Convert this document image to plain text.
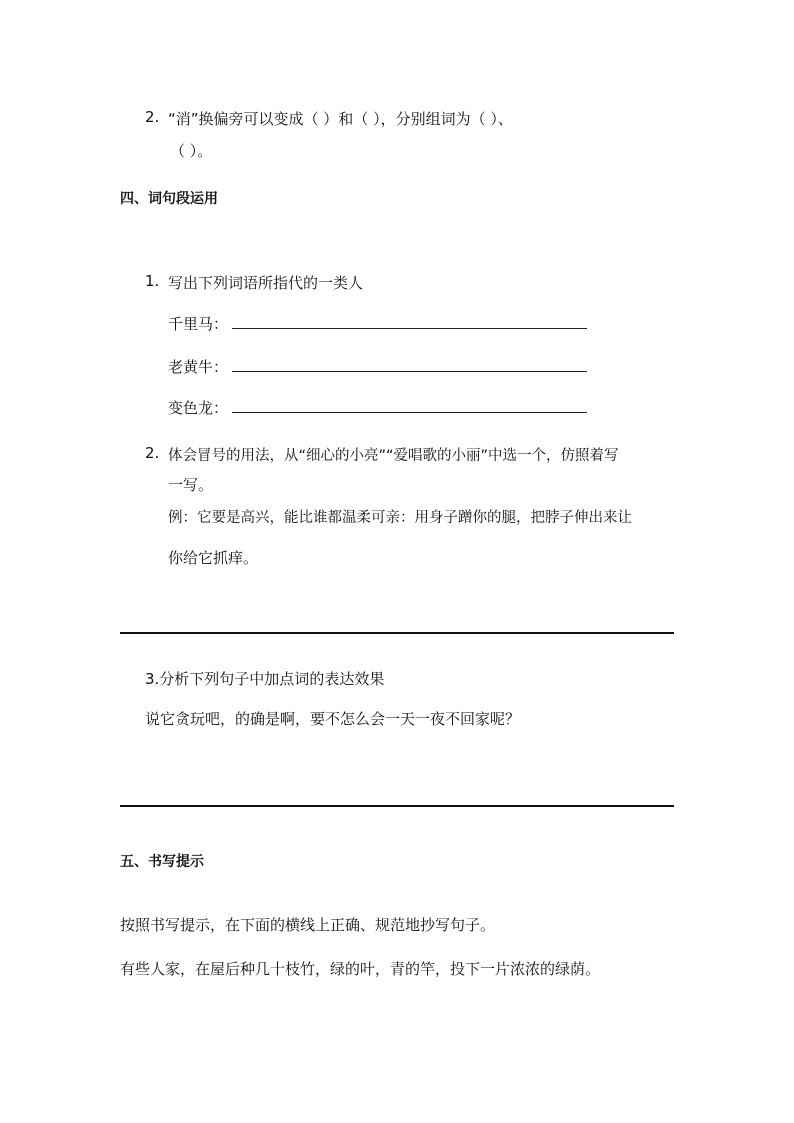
2. “消”换偏旁可以变成（ ）和（ ），分别组词为（ ）、
（ ）。
四、词句段运用
1. 写出下列词语所指代的一类人
千里马：
老黄牛：
变色龙：
2. 体会冒号的用法，从“细心的小亮”“爱唱歌的小丽”中选一个，仿照着写
一写。
例：它要是高兴，能比谁都温柔可亲：用身子蹭你的腿，把脖子伸出来让
你给它抓痒。
3.分析下列句子中加点词的表达效果
说它贪玩吧，的确是啊，要不怎么会一天一夜不回家呢？
五、书写提示
按照书写提示，在下面的横线上正确、规范地抄写句子。
有些人家，在屋后种几十枝竹，绿的叶，青的竿，投下一片浓浓的绿荫。
